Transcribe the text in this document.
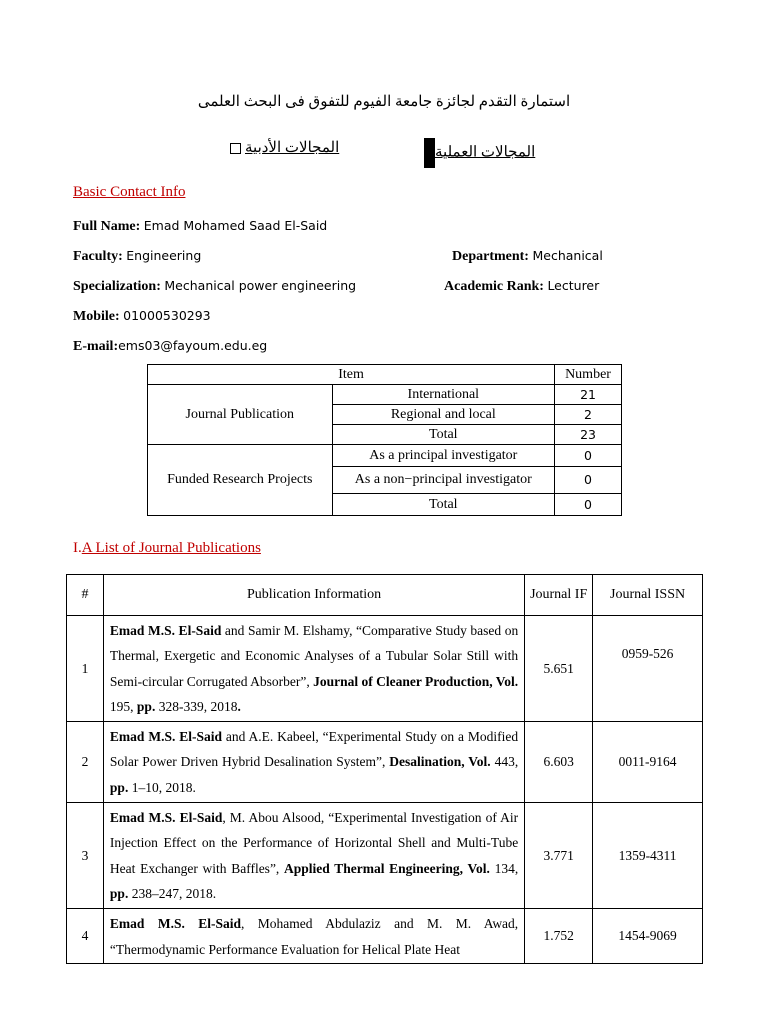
استمارة التقدم لجائزة جامعة الفيوم للتفوق فى البحث العلمى
المجالات العملية
المجالات الأدبية
Basic Contact Info
Full Name: Emad Mohamed Saad El-Said
Faculty: Engineering	Department: Mechanical
Specialization: Mechanical power engineering	Academic Rank: Lecturer
Mobile: 01000530293
E-mail:ems03@fayoum.edu.eg
Item		Number
Journal Publication	International	21
	Regional and local	2
	Total	23
Funded Research Projects	As a principal investigator	0
	As a non−principal investigator	0
	Total	0
I.A List of Journal Publications
#	Publication Information	Journal IF	Journal ISSN
1	Emad M.S. El-Said and Samir M. Elshamy, “Comparative Study based on Thermal, Exergetic and Economic Analyses of a Tubular Solar Still with Semi-circular Corrugated Absorber”, Journal of Cleaner Production, Vol. 195, pp. 328-339, 2018.	5.651	0959-526
2	Emad M.S. El-Said and A.E. Kabeel, “Experimental Study on a Modified Solar Power Driven Hybrid Desalination System”, Desalination, Vol. 443, pp. 1–10, 2018.	6.603	0011-9164
3	Emad M.S. El-Said, M. Abou Alsood, “Experimental Investigation of Air Injection Effect on the Performance of Horizontal Shell and Multi-Tube Heat Exchanger with Baffles”, Applied Thermal Engineering, Vol. 134, pp. 238–247, 2018.	3.771	1359-4311
4	Emad M.S. El-Said, Mohamed Abdulaziz and M. M. Awad, “Thermodynamic Performance Evaluation for Helical Plate Heat	1.752	1454-9069
